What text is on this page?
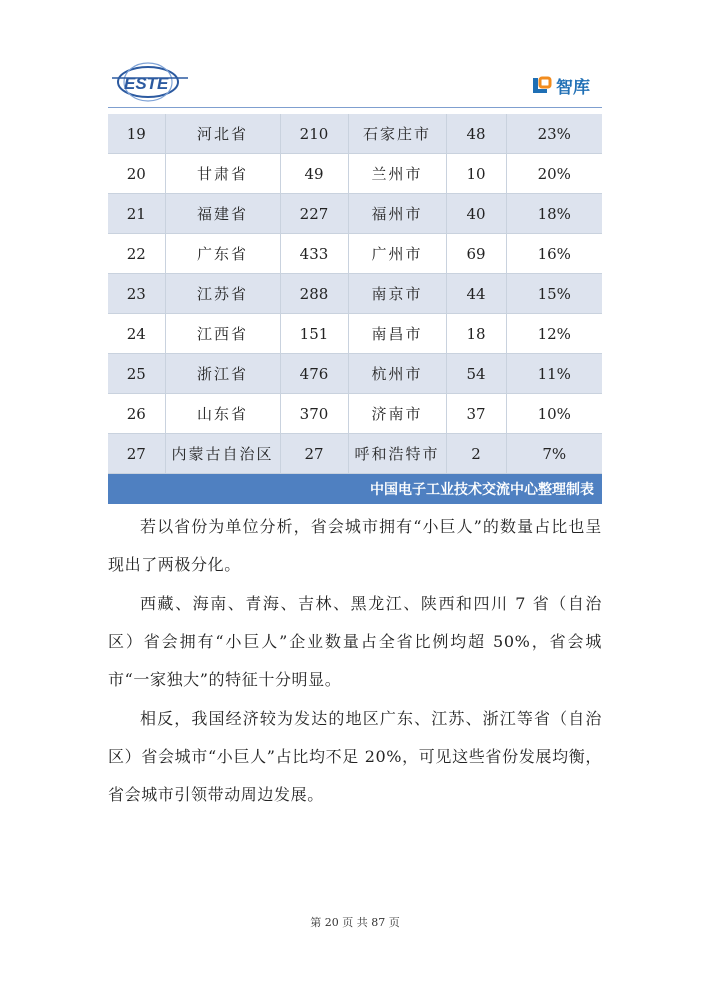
ESTE	智库
19	河北省	210	石家庄市	48	23%
20	甘肃省	49	兰州市	10	20%
21	福建省	227	福州市	40	18%
22	广东省	433	广州市	69	16%
23	江苏省	288	南京市	44	15%
24	江西省	151	南昌市	18	12%
25	浙江省	476	杭州市	54	11%
26	山东省	370	济南市	37	10%
27	内蒙古自治区	27	呼和浩特市	2	7%
中国电子工业技术交流中心整理制表

若以省份为单位分析，省会城市拥有“小巨人”的数量占比也呈现出了两极分化。

西藏、海南、青海、吉林、黑龙江、陕西和四川 7 省（自治区）省会拥有“小巨人”企业数量占全省比例均超 50%，省会城市“一家独大”的特征十分明显。

相反，我国经济较为发达的地区广东、江苏、浙江等省（自治区）省会城市“小巨人”占比均不足 20%，可见这些省份发展均衡，省会城市引领带动周边发展。

第 20 页 共 87 页
